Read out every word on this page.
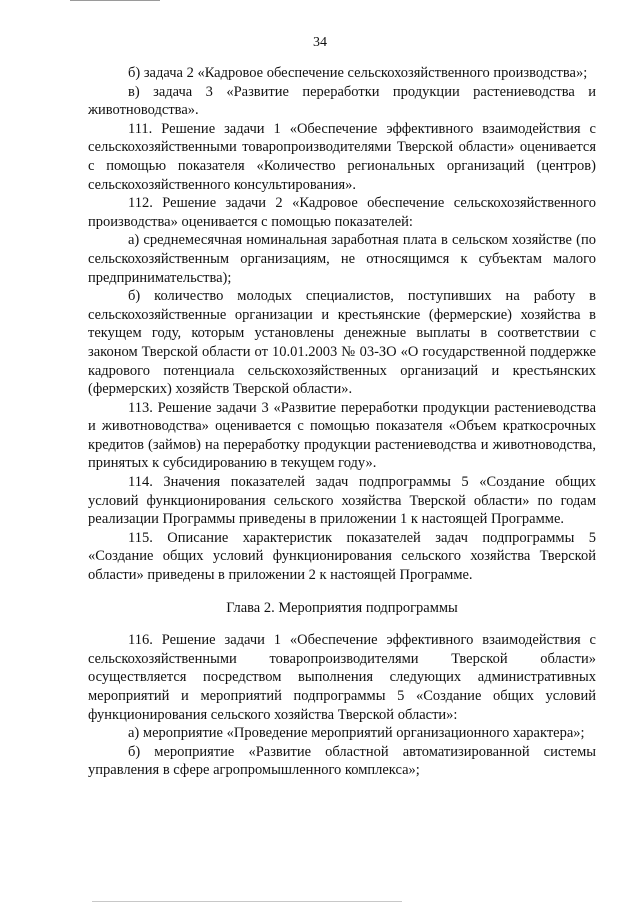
34

б) задача 2 «Кадровое обеспечение сельскохозяйственного производства»;

в) задача 3 «Развитие переработки продукции растениеводства и животноводства».

111. Решение задачи 1 «Обеспечение эффективного взаимодействия с сельскохозяйственными товаропроизводителями Тверской области» оценивается с помощью показателя «Количество региональных организаций (центров) сельскохозяйственного консультирования».

112. Решение задачи 2 «Кадровое обеспечение сельскохозяйственного производства» оценивается с помощью показателей:

а) среднемесячная номинальная заработная плата в сельском хозяйстве (по сельскохозяйственным организациям, не относящимся к субъектам малого предпринимательства);

б) количество молодых специалистов, поступивших на работу в сельскохозяйственные организации и крестьянские (фермерские) хозяйства в текущем году, которым установлены денежные выплаты в соответствии с законом Тверской области от 10.01.2003 № 03-ЗО «О государственной поддержке кадрового потенциала сельскохозяйственных организаций и крестьянских (фермерских) хозяйств Тверской области».

113. Решение задачи 3 «Развитие переработки продукции растениеводства и животноводства» оценивается с помощью показателя «Объем краткосрочных кредитов (займов) на переработку продукции растениеводства и животноводства, принятых к субсидированию в текущем году».

114. Значения показателей задач подпрограммы 5 «Создание общих условий функционирования сельского хозяйства Тверской области» по годам реализации Программы приведены в приложении 1 к настоящей Программе.

115. Описание характеристик показателей задач подпрограммы 5 «Создание общих условий функционирования сельского хозяйства Тверской области» приведены в приложении 2 к настоящей Программе.

Глава 2. Мероприятия подпрограммы

116. Решение задачи 1 «Обеспечение эффективного взаимодействия с сельскохозяйственными товаропроизводителями Тверской области» осуществляется посредством выполнения следующих административных мероприятий и мероприятий подпрограммы 5 «Создание общих условий функционирования сельского хозяйства Тверской области»:

а) мероприятие «Проведение мероприятий организационного характера»;

б) мероприятие «Развитие областной автоматизированной системы управления в сфере агропромышленного комплекса»;
